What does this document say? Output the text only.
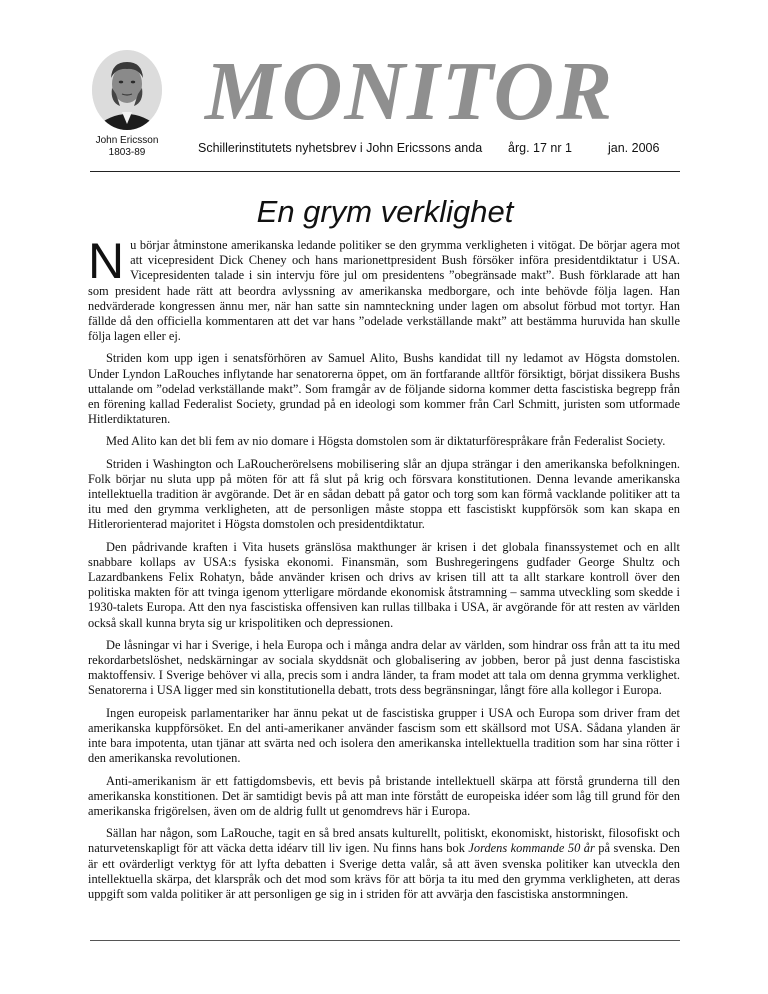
John Ericsson
1803-89
MONITOR
Schillerinstitutets nyhetsbrev i John Ericssons anda årg. 17 nr 1	jan. 2006
En grym verklighet

Nu börjar åtminstone amerikanska ledande politiker se den grymma verkligheten i vitögat. De börjar agera mot att vicepresident Dick Cheney och hans marionettpresident Bush försöker införa presidentdiktatur i USA. Vicepresidenten talade i sin intervju före jul om presidentens ”obegränsade makt”. Bush förklarade att han som president hade rätt att beordra avlyssning av amerikanska medborgare, och inte behövde följa lagen. Han nedvärderade kongressen ännu mer, när han satte sin namnteckning under lagen om absolut förbud mot tortyr. Han fällde då den officiella kommentaren att det var hans ”odelade verkställande makt” att bestämma huruvida han skulle följa lagen eller ej.

Striden kom upp igen i senatsförhören av Samuel Alito, Bushs kandidat till ny ledamot av Högsta domstolen. Under Lyndon LaRouches inflytande har senatorerna öppet, om än fortfarande alltför försiktigt, börjat dissikera Bushs uttalande om ”odelad verkställande makt”. Som framgår av de följande sidorna kommer detta fascistiska begrepp från en förening kallad Federalist Society, grundad på en ideologi som kommer från Carl Schmitt, juristen som utformade Hitlerdiktaturen.

Med Alito kan det bli fem av nio domare i Högsta domstolen som är diktaturförespråkare från Federalist Society.

Striden i Washington och LaRoucherörelsens mobilisering slår an djupa strängar i den amerikanska befolkningen. Folk börjar nu sluta upp på möten för att få slut på krig och försvara konstitutionen. Denna levande amerikanska intellektuella tradition är avgörande. Det är en sådan debatt på gator och torg som kan förmå vacklande politiker att ta itu med den grymma verkligheten, att de personligen måste stoppa ett fascistiskt kuppförsök som kan skapa en Hitlerorienterad majoritet i Högsta domstolen och presidentdiktatur.

Den pådrivande kraften i Vita husets gränslösa makthunger är krisen i det globala finanssystemet och en allt snabbare kollaps av USA:s fysiska ekonomi. Finansmän, som Bushregeringens gudfader George Shultz och Lazardbankens Felix Rohatyn, både använder krisen och drivs av krisen till att ta allt starkare kontroll över den politiska makten för att tvinga igenom ytterligare mördande ekonomisk åtstramning – samma utveckling som skedde i 1930-talets Europa. Att den nya fascistiska offensiven kan rullas tillbaka i USA, är avgörande för att resten av världen också skall kunna bryta sig ur krispolitiken och depressionen.

De låsningar vi har i Sverige, i hela Europa och i många andra delar av världen, som hindrar oss från att ta itu med rekordarbetslöshet, nedskärningar av sociala skyddsnät och globalisering av jobben, beror på just denna fascistiska maktoffensiv. I Sverige behöver vi alla, precis som i andra länder, ta fram modet att tala om denna grymma verklighet. Senatorerna i USA ligger med sin konstitutionella debatt, trots dess begränsningar, långt före alla kollegor i Europa.

Ingen europeisk parlamentariker har ännu pekat ut de fascistiska grupper i USA och Europa som driver fram det amerikanska kuppförsöket. En del anti-amerikaner använder fascism som ett skällsord mot USA. Sådana ylanden är inte bara impotenta, utan tjänar att svärta ned och isolera den amerikanska intellektuella tradition som har sina rötter i den amerikanska revolutionen.

Anti-amerikanism är ett fattigdomsbevis, ett bevis på bristande intellektuell skärpa att förstå grunderna till den amerikanska konstitionen. Det är samtidigt bevis på att man inte förstått de europeiska idéer som låg till grund för den amerikanska frigörelsen, även om de aldrig fullt ut genomdrevs här i Europa.

Sällan har någon, som LaRouche, tagit en så bred ansats kulturellt, politiskt, ekonomiskt, historiskt, filosofiskt och naturvetenskapligt för att väcka detta idéarv till liv igen. Nu finns hans bok Jordens kommande 50 år på svenska. Den är ett ovärderligt verktyg för att lyfta debatten i Sverige detta valår, så att även svenska politiker kan utveckla den intellektuella skärpa, det klarspråk och det mod som krävs för att börja ta itu med den grymma verkligheten, att deras uppgift som valda politiker är att personligen ge sig in i striden för att avvärja den fascistiska anstormningen.
